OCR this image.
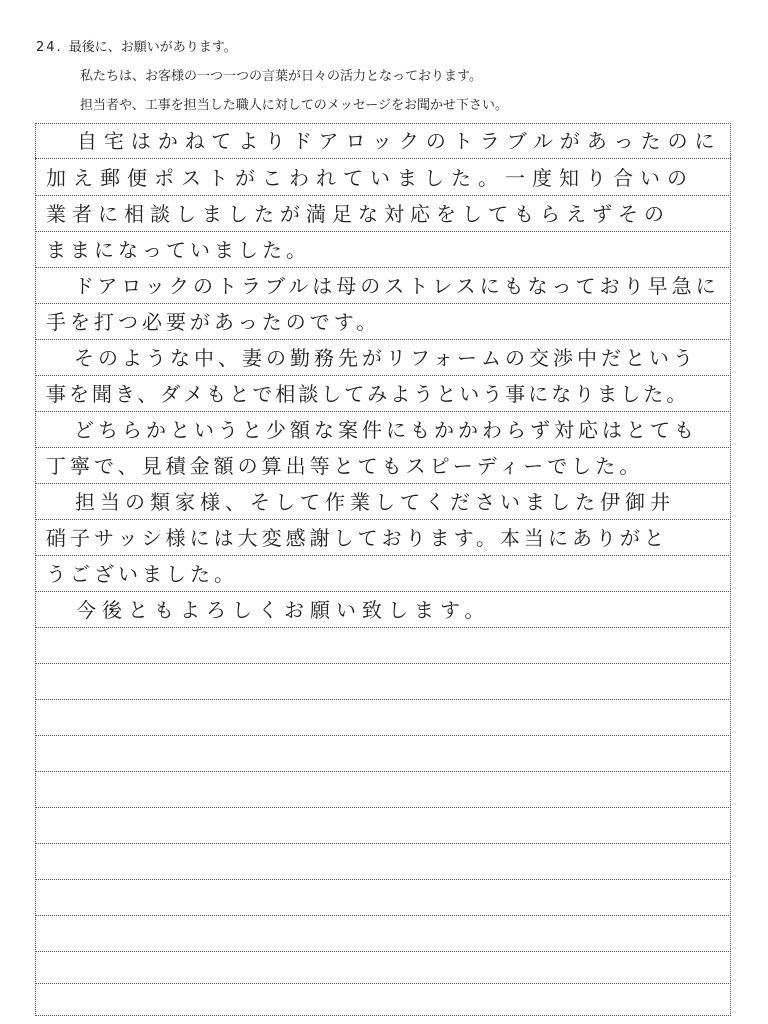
24. 最後に、お願いがあります。
私たちは、お客様の一つ一つの言葉が日々の活力となっております。
担当者や、工事を担当した職人に対してのメッセージをお聞かせ下さい。
　自宅はかねてよりドアロックのトラブルがあったのに
加え郵便ポストがこわれていました。一度知り合いの
業者に相談しましたが満足な対応をしてもらえずその
ままになっていました。
　ドアロックのトラブルは母のストレスにもなっており早急に
手を打つ必要があったのです。
　そのような中、妻の勤務先がリフォームの交渉中だという
事を聞き、ダメもとで相談してみようという事になりました。
　どちらかというと少額な案件にもかかわらず対応はとても
丁寧で、見積金額の算出等とてもスピーディーでした。
　担当の類家様、そして作業してくださいました伊御井
硝子サッシ様には大変感謝しております。本当にありがと
うございました。
　今後ともよろしくお願い致します。
